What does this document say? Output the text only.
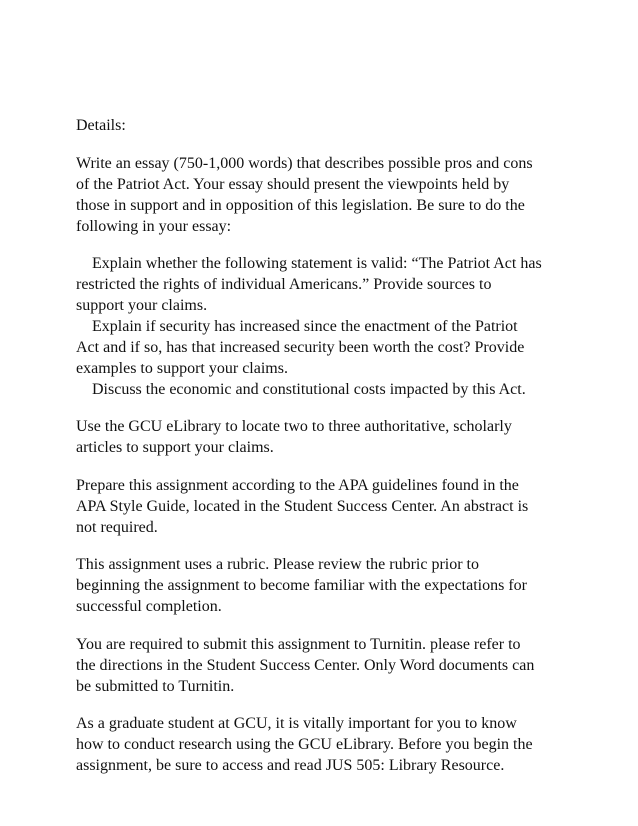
Details:
Write an essay (750-1,000 words) that describes possible pros and cons
of the Patriot Act. Your essay should present the viewpoints held by
those in support and in opposition of this legislation. Be sure to do the
following in your essay:
Explain whether the following statement is valid: “The Patriot Act has
restricted the rights of individual Americans.” Provide sources to
support your claims.
Explain if security has increased since the enactment of the Patriot
Act and if so, has that increased security been worth the cost? Provide
examples to support your claims.
Discuss the economic and constitutional costs impacted by this Act.
Use the GCU eLibrary to locate two to three authoritative, scholarly
articles to support your claims.
Prepare this assignment according to the APA guidelines found in the
APA Style Guide, located in the Student Success Center. An abstract is
not required.
This assignment uses a rubric. Please review the rubric prior to
beginning the assignment to become familiar with the expectations for
successful completion.
You are required to submit this assignment to Turnitin. please refer to
the directions in the Student Success Center. Only Word documents can
be submitted to Turnitin.
As a graduate student at GCU, it is vitally important for you to know
how to conduct research using the GCU eLibrary. Before you begin the
assignment, be sure to access and read JUS 505: Library Resource.
